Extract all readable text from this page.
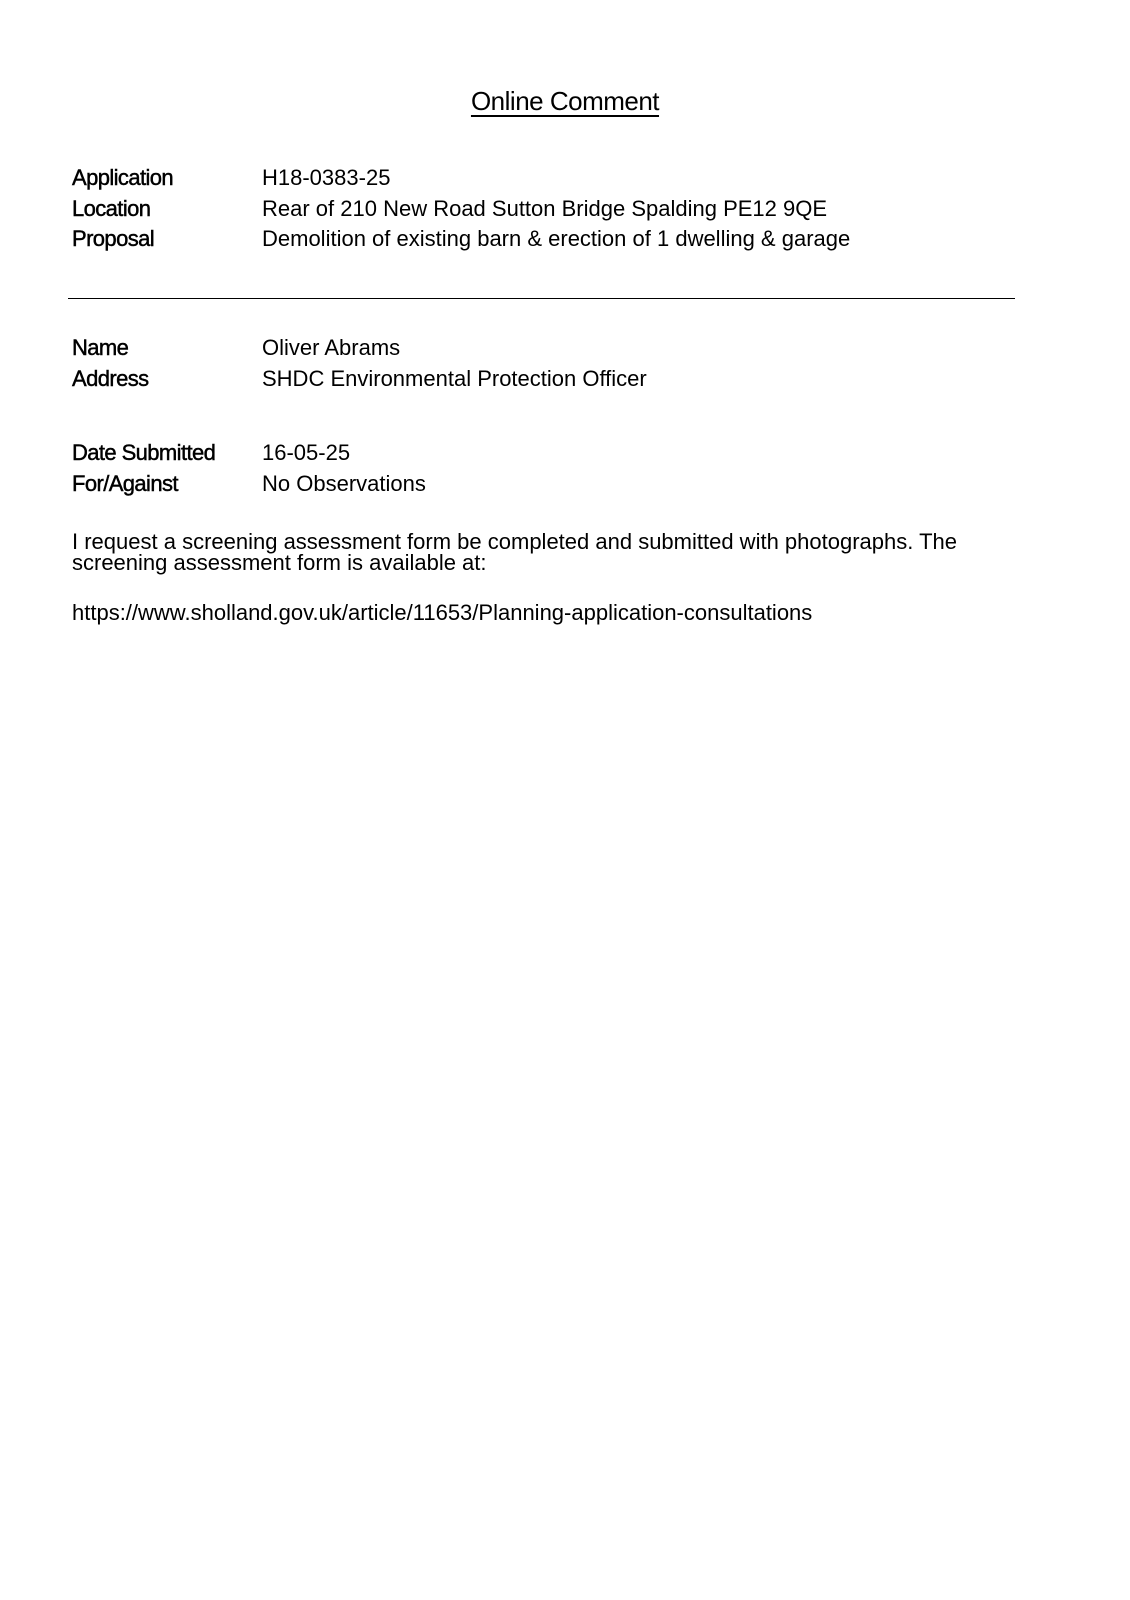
Online Comment
Application	H18-0383-25
Location	Rear of 210 New Road Sutton Bridge Spalding PE12 9QE
Proposal	Demolition of existing barn & erection of 1 dwelling & garage
Name	Oliver Abrams
Address	SHDC Environmental Protection Officer
Date Submitted	16-05-25
For/Against	No Observations
I request a screening assessment form be completed and submitted with photographs. The screening assessment form is available at:
https://www.sholland.gov.uk/article/11653/Planning-application-consultations
